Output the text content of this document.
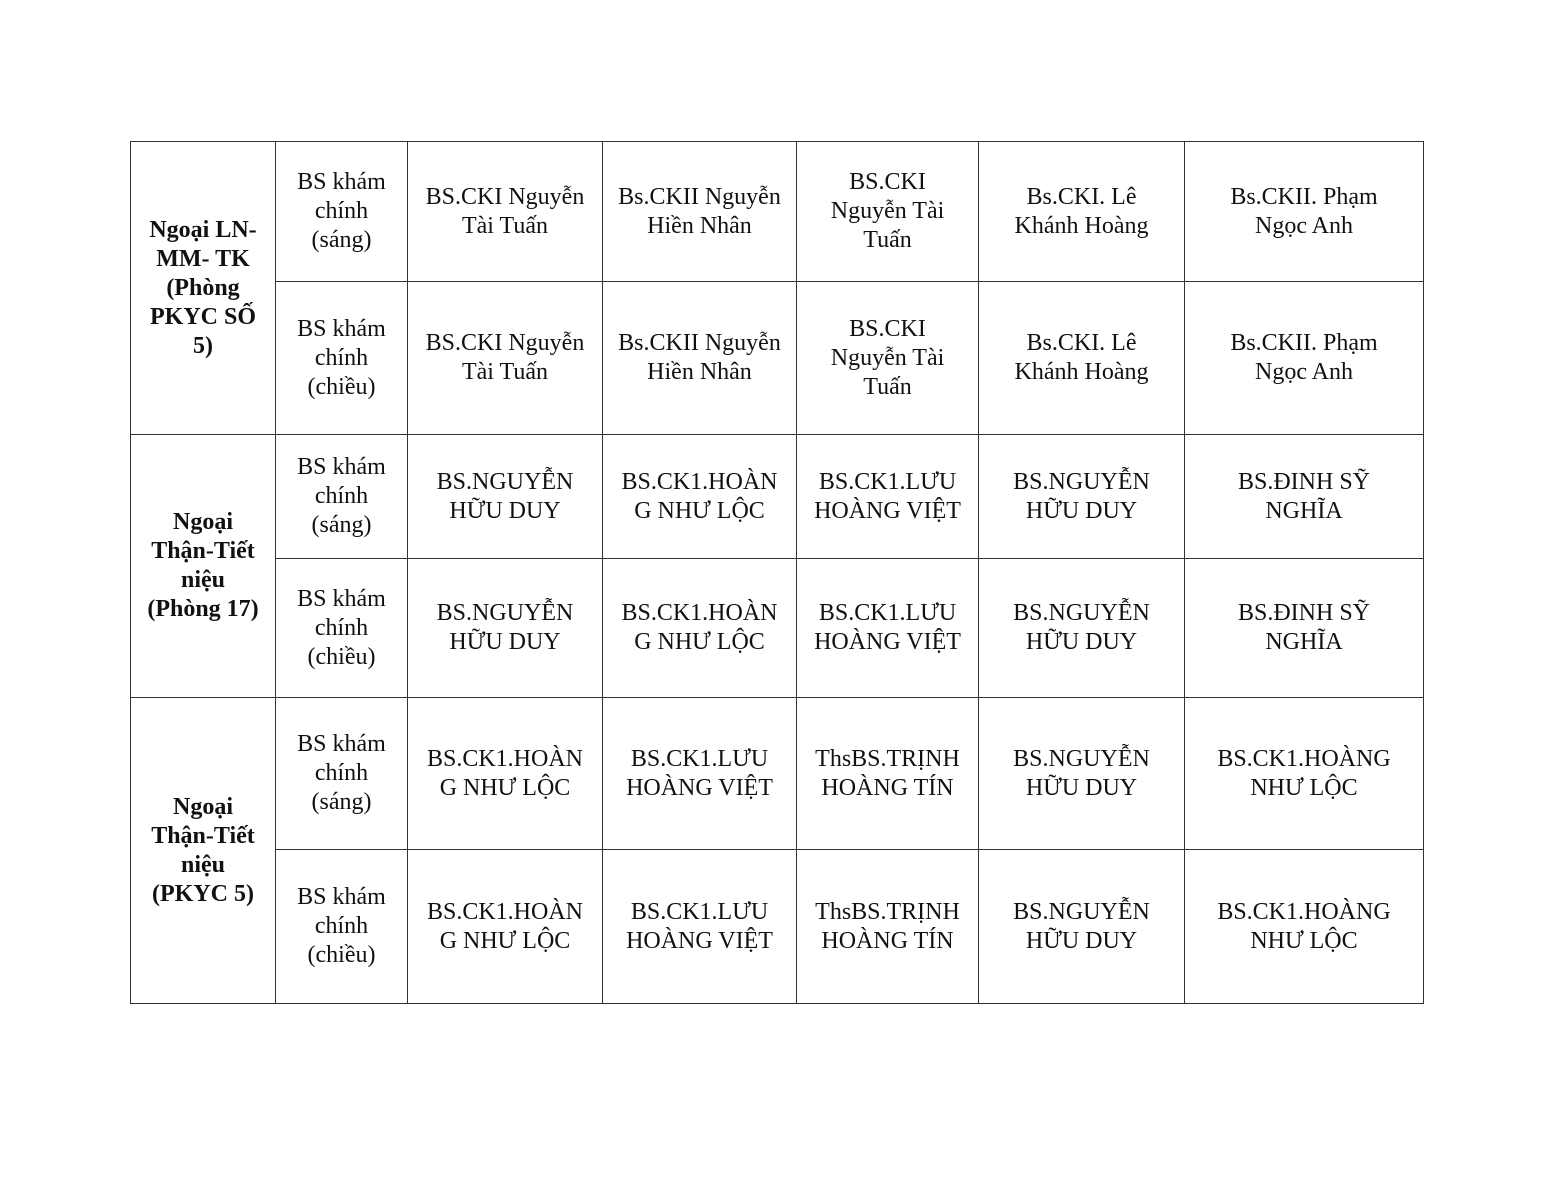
Ngoại LN-
MM- TK
(Phòng
PKYC SỐ
5)	BS khám
chính
(sáng)	BS.CKI Nguyễn
Tài Tuấn	Bs.CKII Nguyễn
Hiền Nhân	BS.CKI
Nguyễn Tài
Tuấn	Bs.CKI. Lê
Khánh Hoàng	Bs.CKII. Phạm
Ngọc Anh

	BS khám
chính
(chiều)	BS.CKI Nguyễn
Tài Tuấn	Bs.CKII Nguyễn
Hiền Nhân	BS.CKI
Nguyễn Tài
Tuấn	Bs.CKI. Lê
Khánh Hoàng	Bs.CKII. Phạm
Ngọc Anh

Ngoại
Thận-Tiết
niệu
(Phòng 17)	BS khám
chính
(sáng)	BS.NGUYỄN
HỮU DUY	BS.CK1.HOÀN
G NHƯ LỘC	BS.CK1.LƯU
HOÀNG VIỆT	BS.NGUYỄN
HỮU DUY	BS.ĐINH SỸ
NGHĨA

	BS khám
chính
(chiều)	BS.NGUYỄN
HỮU DUY	BS.CK1.HOÀN
G NHƯ LỘC	BS.CK1.LƯU
HOÀNG VIỆT	BS.NGUYỄN
HỮU DUY	BS.ĐINH SỸ
NGHĨA

Ngoại
Thận-Tiết
niệu
(PKYC 5)	BS khám
chính
(sáng)	BS.CK1.HOÀN
G NHƯ LỘC	BS.CK1.LƯU
HOÀNG VIỆT	ThsBS.TRỊNH
HOÀNG TÍN	BS.NGUYỄN
HỮU DUY	BS.CK1.HOÀNG
NHƯ LỘC

	BS khám
chính
(chiều)	BS.CK1.HOÀN
G NHƯ LỘC	BS.CK1.LƯU
HOÀNG VIỆT	ThsBS.TRỊNH
HOÀNG TÍN	BS.NGUYỄN
HỮU DUY	BS.CK1.HOÀNG
NHƯ LỘC
